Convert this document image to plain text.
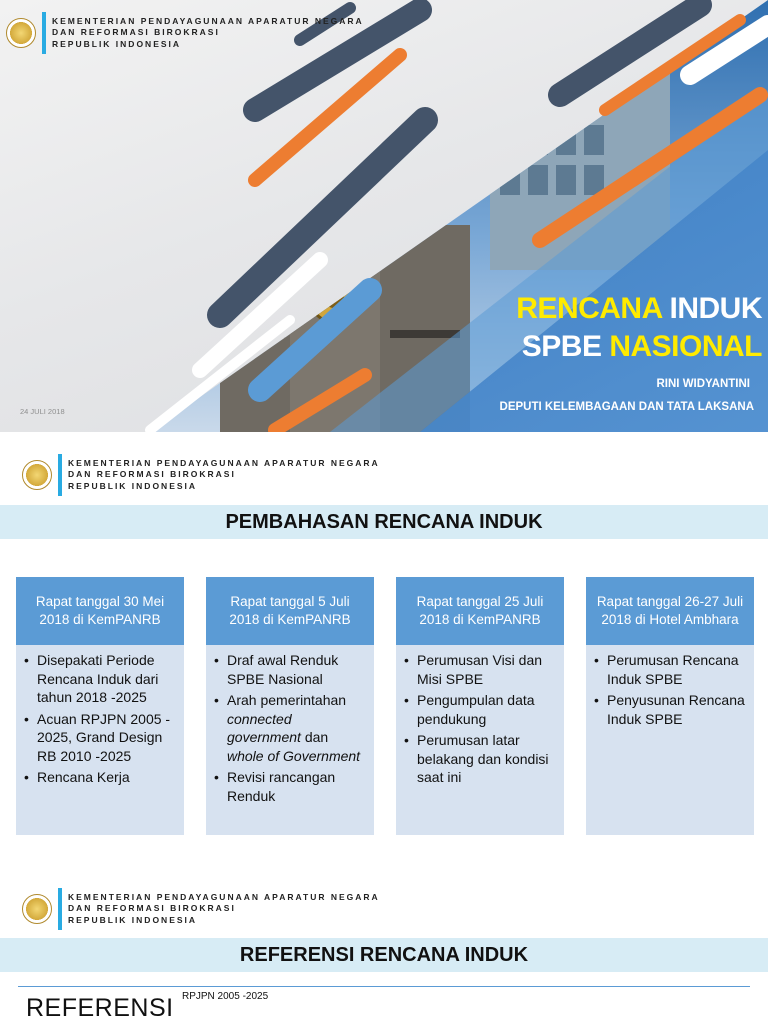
KEMENTERIAN PENDAYAGUNAAN APARATUR NEGARA
DAN REFORMASI BIROKRASI
REPUBLIK INDONESIA
RENCANA INDUK
SPBE NASIONAL
RINI WIDYANTINI
DEPUTI KELEMBAGAAN DAN TATA LAKSANA
24 JULI 2018
KEMENTERIAN PENDAYAGUNAAN APARATUR NEGARA
DAN REFORMASI BIROKRASI
REPUBLIK INDONESIA
PEMBAHASAN RENCANA INDUK
Rapat tanggal 30 Mei 2018 di KemPANRB
• Disepakati Periode Rencana Induk dari tahun 2018 -2025
• Acuan RPJPN 2005 - 2025, Grand Design RB 2010 -2025
• Rencana Kerja
Rapat tanggal 5 Juli 2018 di KemPANRB
• Draf awal Renduk SPBE Nasional
• Arah pemerintahan connected government dan whole of Government
• Revisi rancangan Renduk
Rapat tanggal 25 Juli 2018 di KemPANRB
• Perumusan Visi dan Misi SPBE
• Pengumpulan data pendukung
• Perumusan latar belakang dan kondisi saat ini
Rapat tanggal 26-27 Juli 2018 di Hotel Ambhara
• Perumusan Rencana Induk SPBE
• Penyusunan Rencana Induk SPBE
KEMENTERIAN PENDAYAGUNAAN APARATUR NEGARA
DAN REFORMASI BIROKRASI
REPUBLIK INDONESIA
REFERENSI RENCANA INDUK
REFERENSI RPJPN 2005 -2025
